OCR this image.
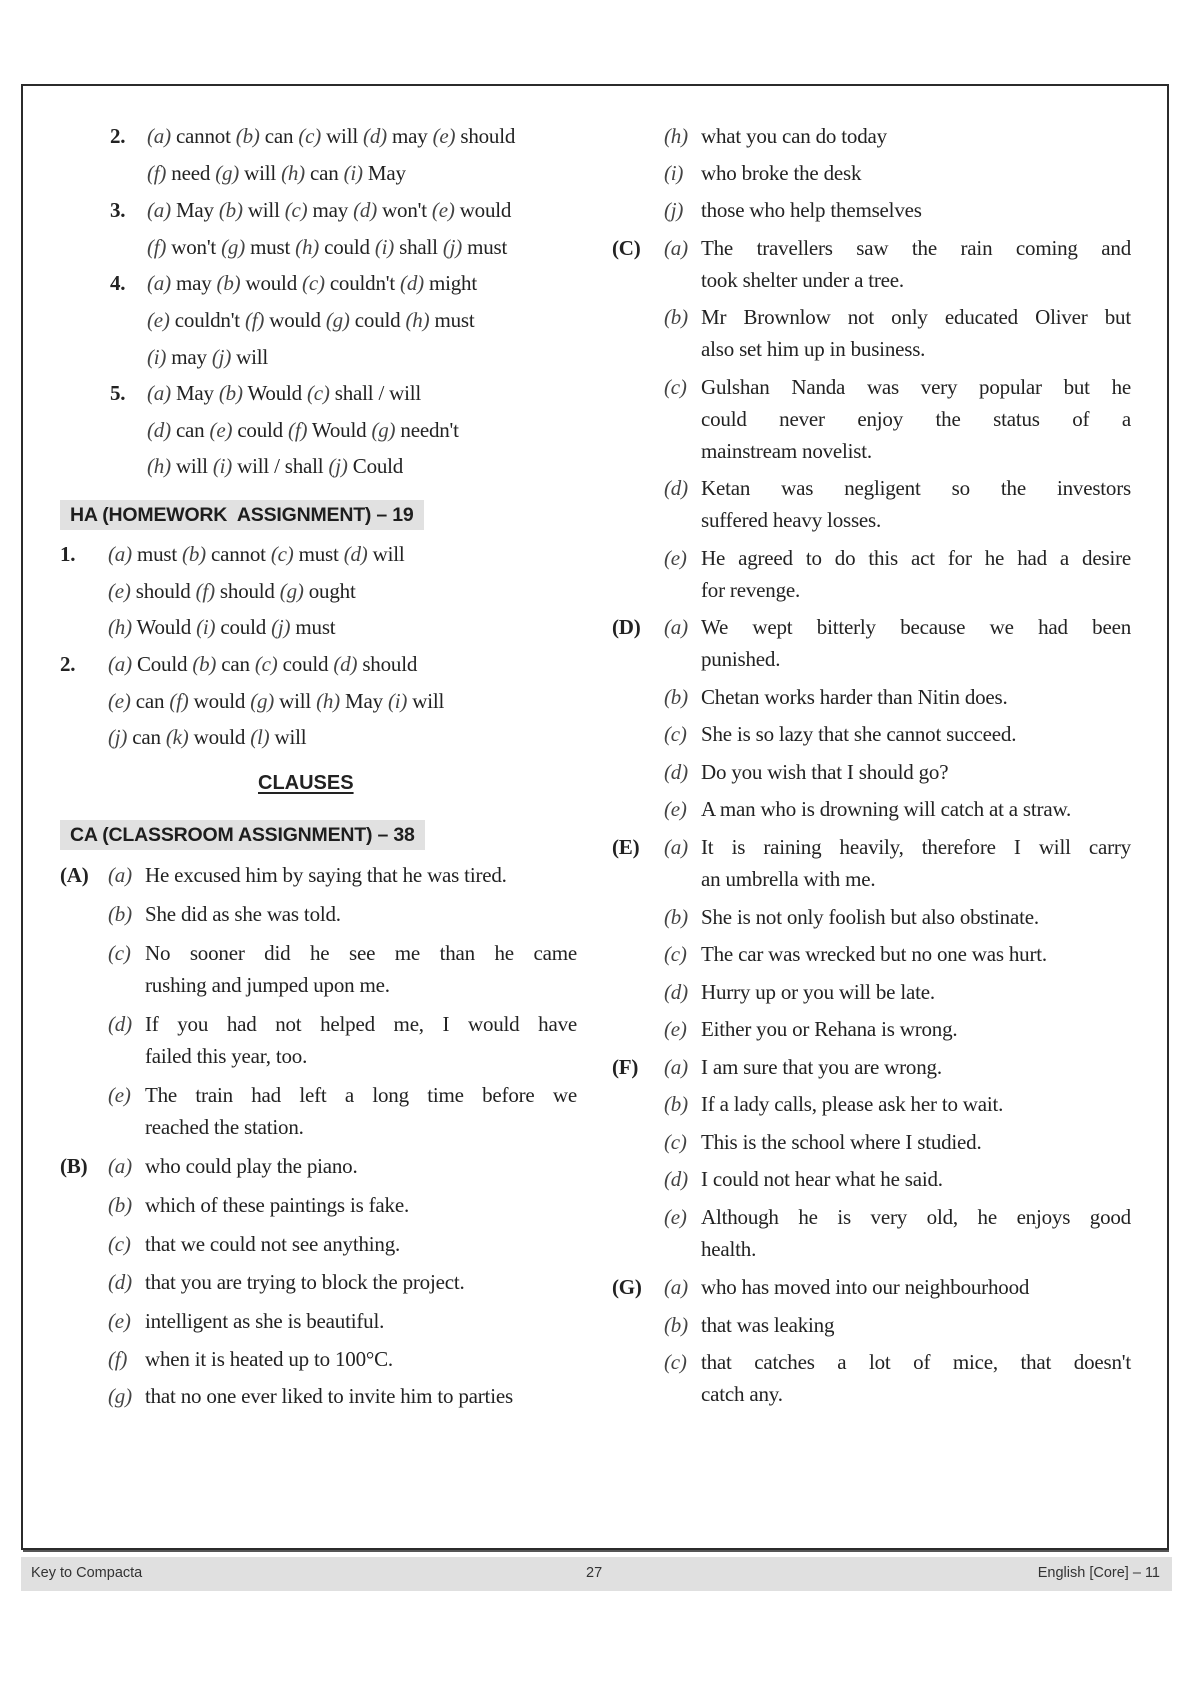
2. (a) cannot (b) can (c) will (d) may (e) should
(f) need (g) will (h) can (i) May
3. (a) May (b) will (c) may (d) won't (e) would
(f) won't (g) must (h) could (i) shall (j) must
4. (a) may (b) would (c) couldn't (d) might
(e) couldn't (f) would (g) could (h) must
(i) may (j) will
5. (a) May (b) Would (c) shall / will
(d) can (e) could (f) Would (g) needn't
(h) will (i) will / shall (j) Could
HA (HOMEWORK  ASSIGNMENT) – 19
1. (a) must (b) cannot (c) must (d) will
(e) should (f) should (g) ought
(h) Would (i) could (j) must
2. (a) Could (b) can (c) could (d) should
(e) can (f) would (g) will (h) May (i) will
(j) can (k) would (l) will
CLAUSES
CA (CLASSROOM ASSIGNMENT) – 38
Key to Compacta	27	English [Core] – 11
(A) (a) He excused him by saying that he was tired.
(b) She did as she was told.
(c) No sooner did he see me than he came
rushing and jumped upon me.
(d) If you had not helped me, I would have
failed this year, too.
(e) The train had left a long time before we
reached the station.
(B) (a) who could play the piano.
(b) which of these paintings is fake.
(c) that we could not see anything.
(d) that you are trying to block the project.
(e) intelligent as she is beautiful.
(f) when it is heated up to 100°C.
(g) that no one ever liked to invite him to parties
(h) what you can do today
(i) who broke the desk
(j) those who help themselves
(C) (a) The travellers saw the rain coming and
took shelter under a tree.
(b) Mr Brownlow not only educated Oliver but
also set him up in business.
(c) Gulshan Nanda was very popular but he
could never enjoy the status of a
mainstream novelist.
(d) Ketan was negligent so the investors
suffered heavy losses.
(e) He agreed to do this act for he had a desire
for revenge.
(D) (a) We wept bitterly because we had been
punished.
(b) Chetan works harder than Nitin does.
(c) She is so lazy that she cannot succeed.
(d) Do you wish that I should go?
(e) A man who is drowning will catch at a straw.
(E) (a) It is raining heavily, therefore I will carry
an umbrella with me.
(b) She is not only foolish but also obstinate.
(c) The car was wrecked but no one was hurt.
(d) Hurry up or you will be late.
(e) Either you or Rehana is wrong.
(F) (a) I am sure that you are wrong.
(b) If a lady calls, please ask her to wait.
(c) This is the school where I studied.
(d) I could not hear what he said.
(e) Although he is very old, he enjoys good
health.
(G) (a) who has moved into our neighbourhood
(b) that was leaking
(c) that catches a lot of mice, that doesn't
catch any.
